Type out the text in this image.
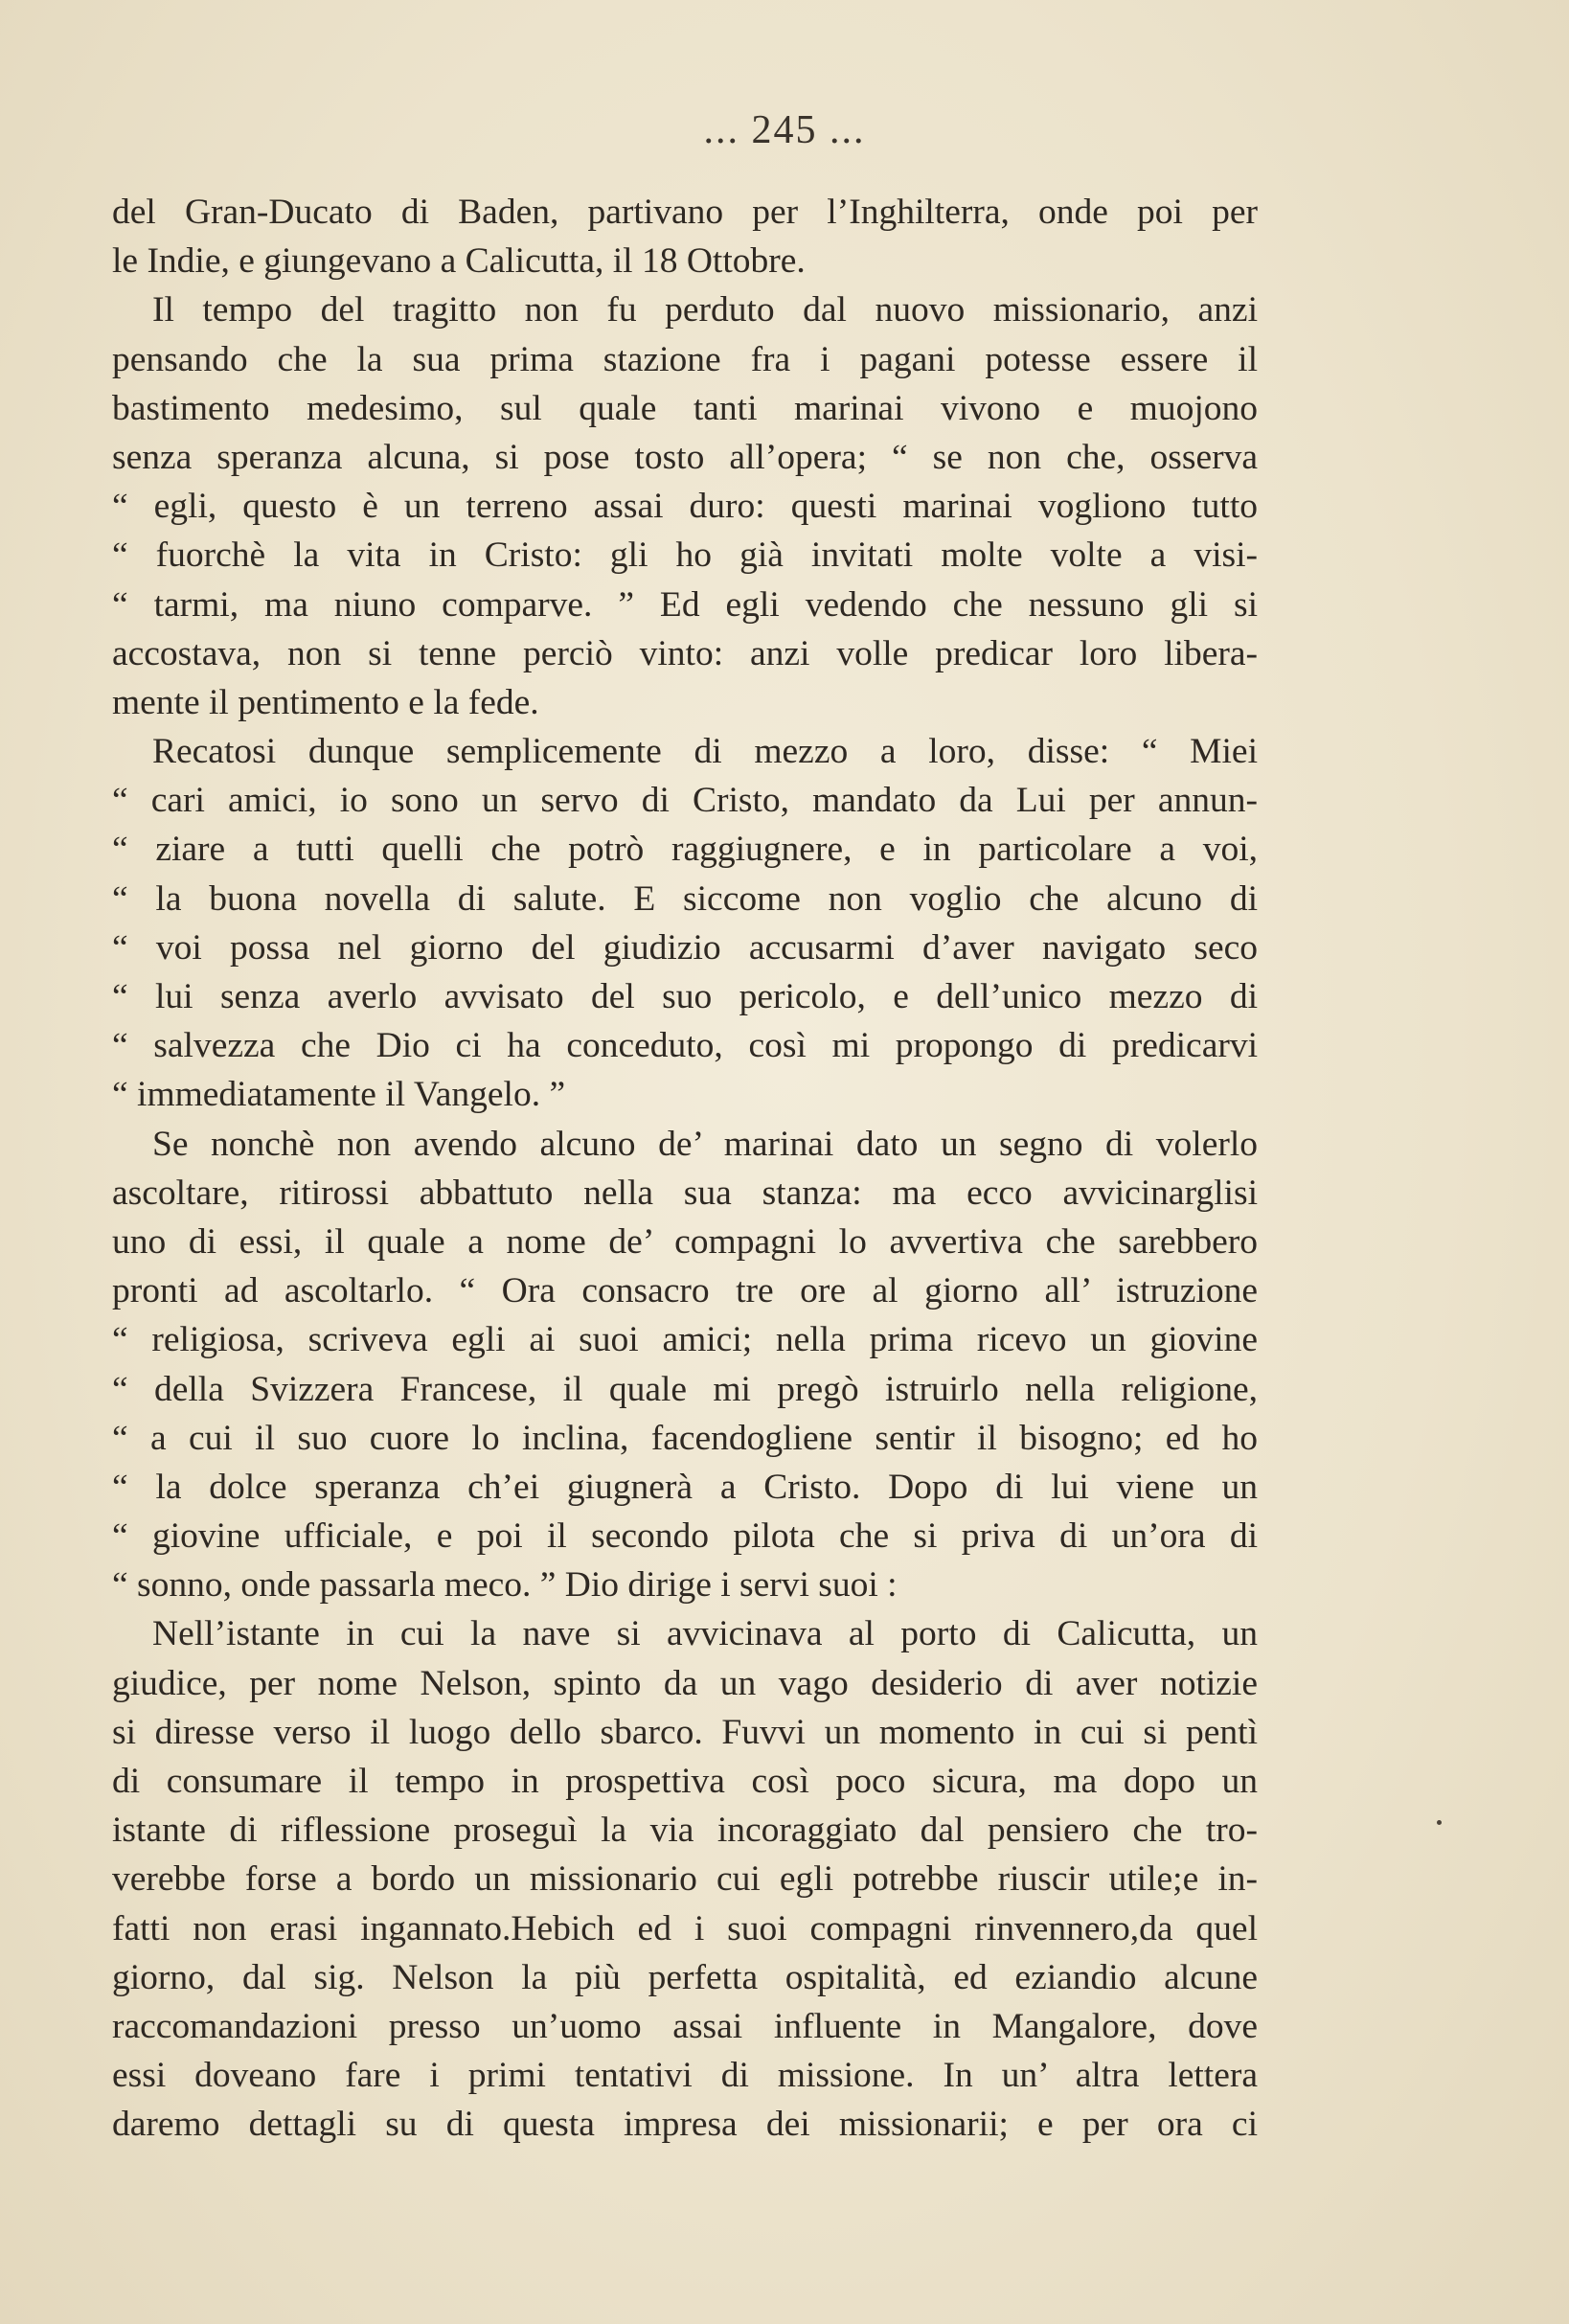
... 245 ...
del Gran-Ducato di Baden, partivano per l’Inghilterra, onde poi per
le Indie, e giungevano a Calicutta, il 18 Ottobre.
Il tempo del tragitto non fu perduto dal nuovo missionario, anzi
pensando che la sua prima stazione fra i pagani potesse essere il
bastimento medesimo, sul quale tanti marinai vivono e muojono
senza speranza alcuna, si pose tosto all’opera; “ se non che, osserva
“ egli, questo è un terreno assai duro: questi marinai vogliono tutto
“ fuorchè la vita in Cristo: gli ho già invitati molte volte a visi-
“ tarmi, ma niuno comparve. ” Ed egli vedendo che nessuno gli si
accostava, non si tenne perciò vinto: anzi volle predicar loro libera-
mente il pentimento e la fede.
Recatosi dunque semplicemente di mezzo a loro, disse: “ Miei
“ cari amici, io sono un servo di Cristo, mandato da Lui per annun-
“ ziare a tutti quelli che potrò raggiugnere, e in particolare a voi,
“ la buona novella di salute. E siccome non voglio che alcuno di
“ voi possa nel giorno del giudizio accusarmi d’aver navigato seco
“ lui senza averlo avvisato del suo pericolo, e dell’unico mezzo di
“ salvezza che Dio ci ha conceduto, così mi propongo di predicarvi
“ immediatamente il Vangelo. ”
Se nonchè non avendo alcuno de’ marinai dato un segno di volerlo
ascoltare, ritirossi abbattuto nella sua stanza: ma ecco avvicinarglisi
uno di essi, il quale a nome de’ compagni lo avvertiva che sarebbero
pronti ad ascoltarlo. “ Ora consacro tre ore al giorno all’ istruzione
“ religiosa, scriveva egli ai suoi amici; nella prima ricevo un giovine
“ della Svizzera Francese, il quale mi pregò istruirlo nella religione,
“ a cui il suo cuore lo inclina, facendogliene sentir il bisogno; ed ho
“ la dolce speranza ch’ei giugnerà a Cristo. Dopo di lui viene un
“ giovine ufficiale, e poi il secondo pilota che si priva di un’ora di
“ sonno, onde passarla meco. ” Dio dirige i servi suoi :
Nell’istante in cui la nave si avvicinava al porto di Calicutta, un
giudice, per nome Nelson, spinto da un vago desiderio di aver notizie
si diresse verso il luogo dello sbarco. Fuvvi un momento in cui si pentì
di consumare il tempo in prospettiva così poco sicura, ma dopo un
istante di riflessione proseguì la via incoraggiato dal pensiero che tro-
verebbe forse a bordo un missionario cui egli potrebbe riuscir utile;e in-
fatti non erasi ingannato.Hebich ed i suoi compagni rinvennero,da quel
giorno, dal sig. Nelson la più perfetta ospitalità, ed eziandio alcune
raccomandazioni presso un’uomo assai influente in Mangalore, dove
essi doveano fare i primi tentativi di missione. In un’ altra lettera
daremo dettagli su di questa impresa dei missionarii; e per ora ci
